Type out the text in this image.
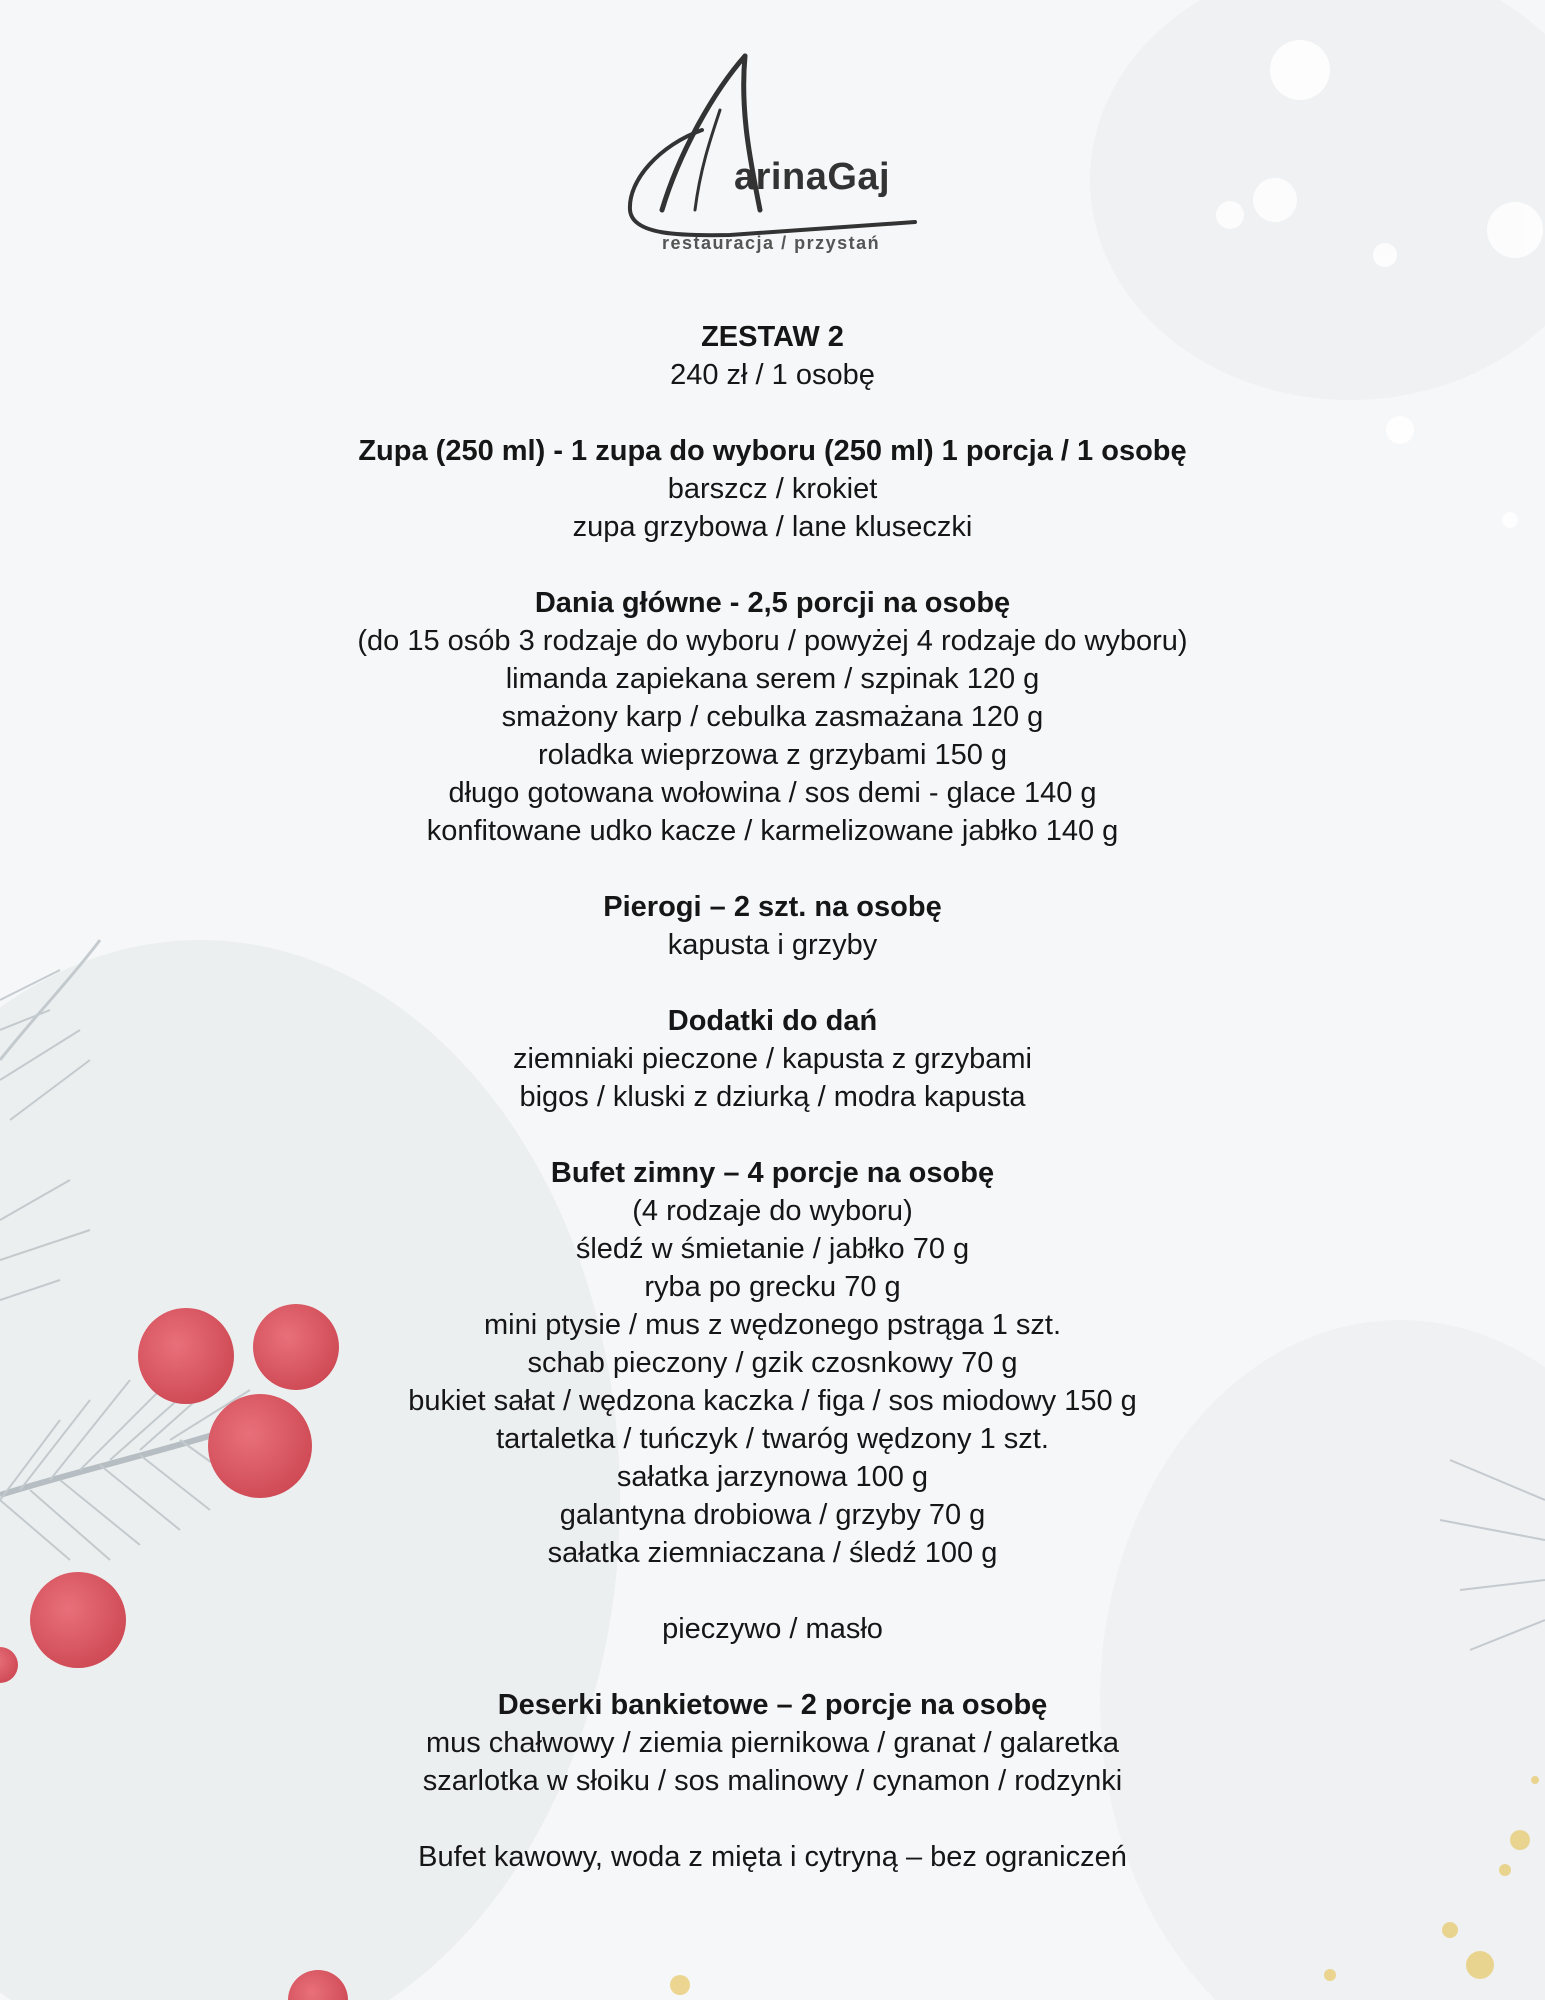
arinaGaj
restauracja / przystań
ZESTAW 2
240 zł / 1 osobę
Zupa (250 ml) - 1 zupa do wyboru (250 ml) 1 porcja / 1 osobę
barszcz / krokiet
zupa grzybowa / lane kluseczki
Dania główne - 2,5 porcji na osobę
(do 15 osób 3 rodzaje do wyboru / powyżej 4 rodzaje do wyboru)
limanda zapiekana serem / szpinak 120 g
smażony karp / cebulka zasmażana 120 g
roladka wieprzowa z grzybami 150 g
długo gotowana wołowina / sos demi - glace 140 g
konfitowane udko kacze / karmelizowane jabłko 140 g
Pierogi – 2 szt. na osobę
kapusta i grzyby
Dodatki do dań
ziemniaki pieczone / kapusta z grzybami
bigos / kluski z dziurką / modra kapusta
Bufet zimny – 4 porcje na osobę
(4 rodzaje do wyboru)
śledź w śmietanie / jabłko 70 g
ryba po grecku 70 g
mini ptysie / mus z wędzonego pstrąga 1 szt.
schab pieczony / gzik czosnkowy 70 g
bukiet sałat / wędzona kaczka / figa / sos miodowy 150 g
tartaletka / tuńczyk / twaróg wędzony 1 szt.
sałatka jarzynowa 100 g
galantyna drobiowa / grzyby 70 g
sałatka ziemniaczana / śledź 100 g
pieczywo / masło
Deserki bankietowe – 2 porcje na osobę
mus chałwowy / ziemia piernikowa / granat / galaretka
szarlotka w słoiku / sos malinowy / cynamon / rodzynki
Bufet kawowy, woda z mięta i cytryną – bez ograniczeń
